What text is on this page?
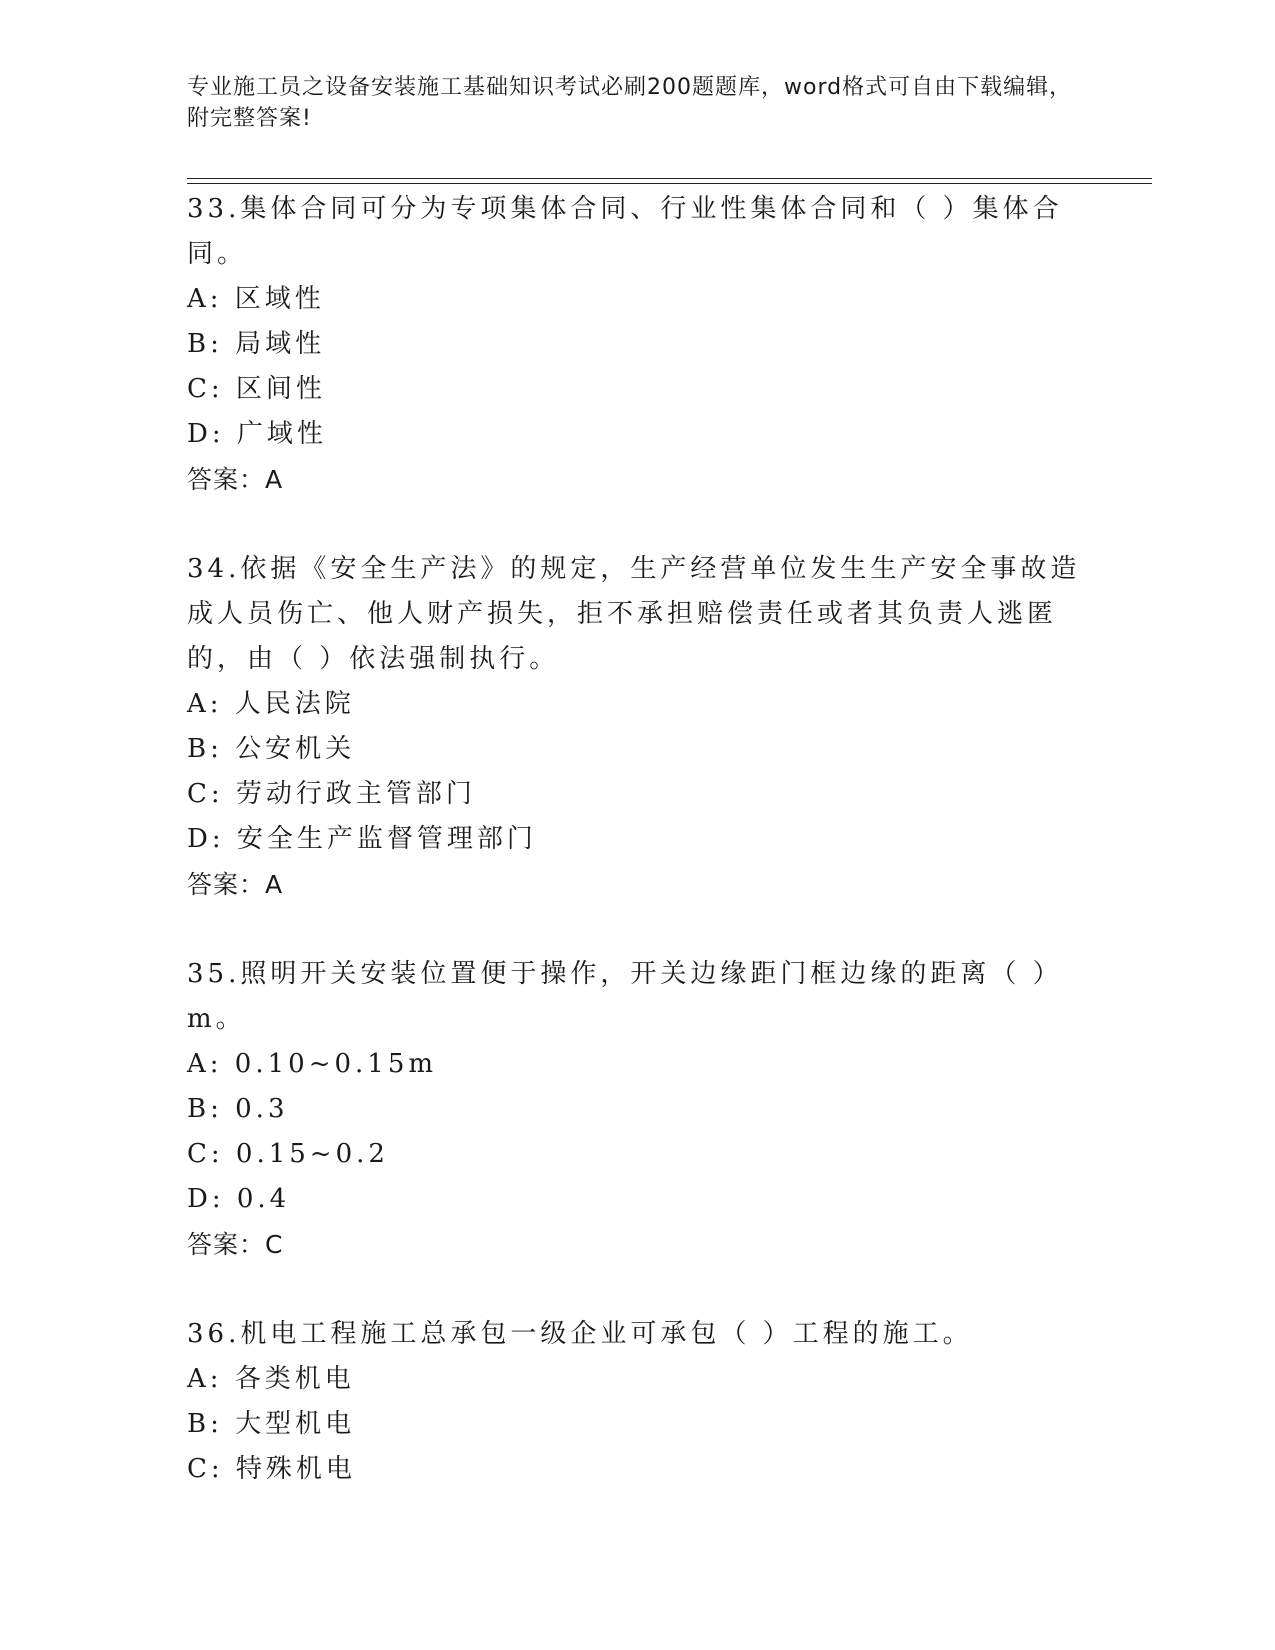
专业施工员之设备安装施工基础知识考试必刷200题题库，word格式可自由下载编辑，附完整答案!

33.集体合同可分为专项集体合同、行业性集体合同和（ ）集体合同。

A: 区域性

B: 局域性

C: 区间性

D: 广域性

答案：A

34.依据《安全生产法》的规定，生产经营单位发生生产安全事故造成人员伤亡、他人财产损失，拒不承担赔偿责任或者其负责人逃匿的，由（ ）依法强制执行。

A: 人民法院

B: 公安机关

C: 劳动行政主管部门

D: 安全生产监督管理部门

答案：A

35.照明开关安装位置便于操作，开关边缘距门框边缘的距离（ ）m。

A: 0.10~0.15m

B: 0.3

C: 0.15~0.2

D: 0.4

答案：C

36.机电工程施工总承包一级企业可承包（ ）工程的施工。

A: 各类机电

B: 大型机电

C: 特殊机电
